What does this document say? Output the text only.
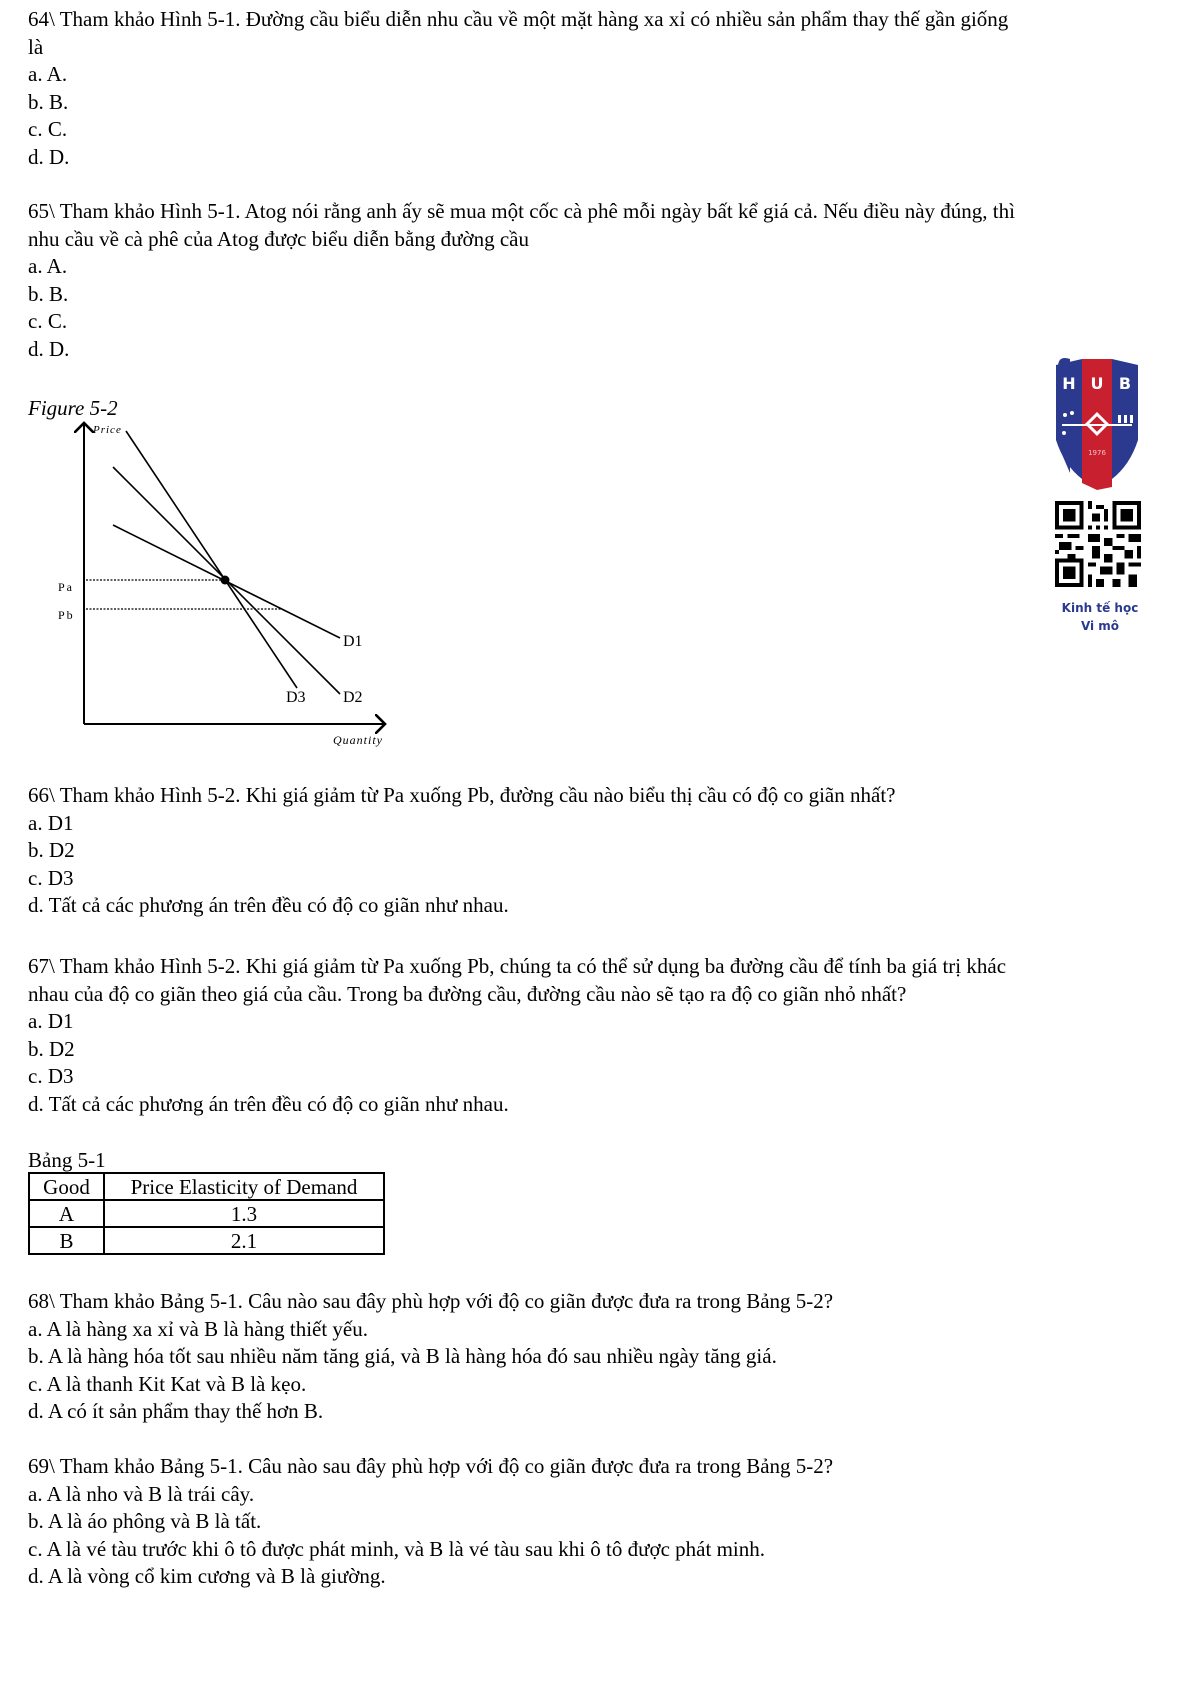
64\ Tham khảo Hình 5-1. Đường cầu biểu diễn nhu cầu về một mặt hàng xa xỉ có nhiều sản phẩm thay thế gần giống
là
a. A.
b. B.
c. C.
d. D.
65\ Tham khảo Hình 5-1. Atog nói rằng anh ấy sẽ mua một cốc cà phê mỗi ngày bất kể giá cả. Nếu điều này đúng, thì
nhu cầu về cà phê của Atog được biểu diễn bằng đường cầu
a. A.
b. B.
c. C.
d. D.
Figure 5-2
Price
Pa
Pb
D1
D2
D3
Quantity
H U B
1976
Kinh tế học
Vi mô
66\ Tham khảo Hình 5-2. Khi giá giảm từ Pa xuống Pb, đường cầu nào biểu thị cầu có độ co giãn nhất?
a. D1
b. D2
c. D3
d. Tất cả các phương án trên đều có độ co giãn như nhau.
67\ Tham khảo Hình 5-2. Khi giá giảm từ Pa xuống Pb, chúng ta có thể sử dụng ba đường cầu để tính ba giá trị khác
nhau của độ co giãn theo giá của cầu. Trong ba đường cầu, đường cầu nào sẽ tạo ra độ co giãn nhỏ nhất?
a. D1
b. D2
c. D3
d. Tất cả các phương án trên đều có độ co giãn như nhau.
Bảng 5-1
Good	Price Elasticity of Demand
A	1.3
B	2.1
68\ Tham khảo Bảng 5-1. Câu nào sau đây phù hợp với độ co giãn được đưa ra trong Bảng 5-2?
a. A là hàng xa xỉ và B là hàng thiết yếu.
b. A là hàng hóa tốt sau nhiều năm tăng giá, và B là hàng hóa đó sau nhiều ngày tăng giá.
c. A là thanh Kit Kat và B là kẹo.
d. A có ít sản phẩm thay thế hơn B.
69\ Tham khảo Bảng 5-1. Câu nào sau đây phù hợp với độ co giãn được đưa ra trong Bảng 5-2?
a. A là nho và B là trái cây.
b. A là áo phông và B là tất.
c. A là vé tàu trước khi ô tô được phát minh, và B là vé tàu sau khi ô tô được phát minh.
d. A là vòng cổ kim cương và B là giường.
